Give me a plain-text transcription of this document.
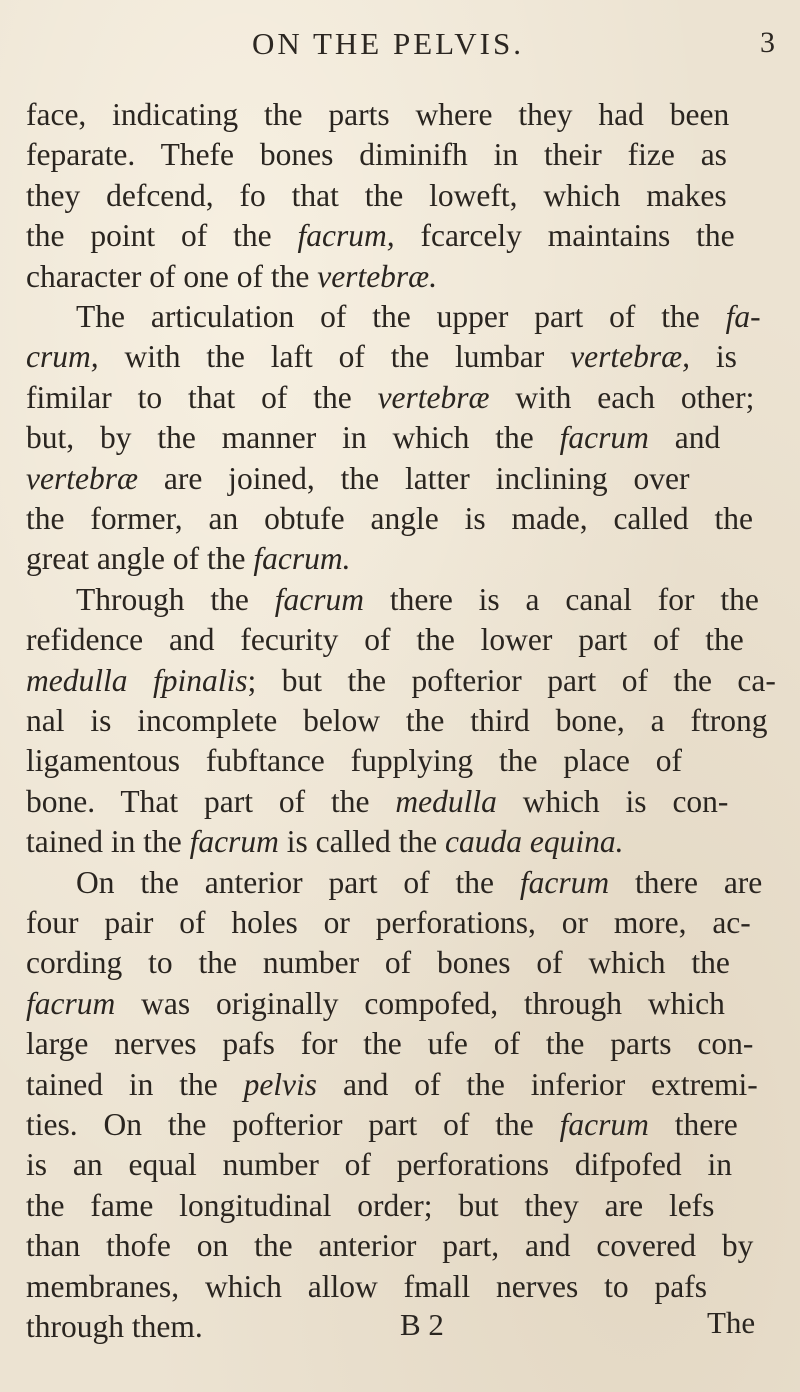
ON THE PELVIS.	3
face, indicating the parts where they had been
feparate. Thefe bones diminifh in their fize as
they defcend, fo that the loweft, which makes
the point of the facrum, fcarcely maintains the
character of one of the vertebræ.
The articulation of the upper part of the fa-
crum, with the laft of the lumbar vertebræ, is
fimilar to that of the vertebræ with each other;
but, by the manner in which the facrum and
vertebræ are joined, the latter inclining over
the former, an obtufe angle is made, called the
great angle of the facrum.
Through the facrum there is a canal for the
refidence and fecurity of the lower part of the
medulla fpinalis; but the pofterior part of the ca-
nal is incomplete below the third bone, a ftrong
ligamentous fubftance fupplying the place of
bone. That part of the medulla which is con-
tained in the facrum is called the cauda equina.
On the anterior part of the facrum there are
four pair of holes or perforations, or more, ac-
cording to the number of bones of which the
facrum was originally compofed, through which
large nerves pafs for the ufe of the parts con-
tained in the pelvis and of the inferior extremi-
ties. On the pofterior part of the facrum there
is an equal number of perforations difpofed in
the fame longitudinal order; but they are lefs
than thofe on the anterior part, and covered by
membranes, which allow fmall nerves to pafs
through them.	B 2	The
